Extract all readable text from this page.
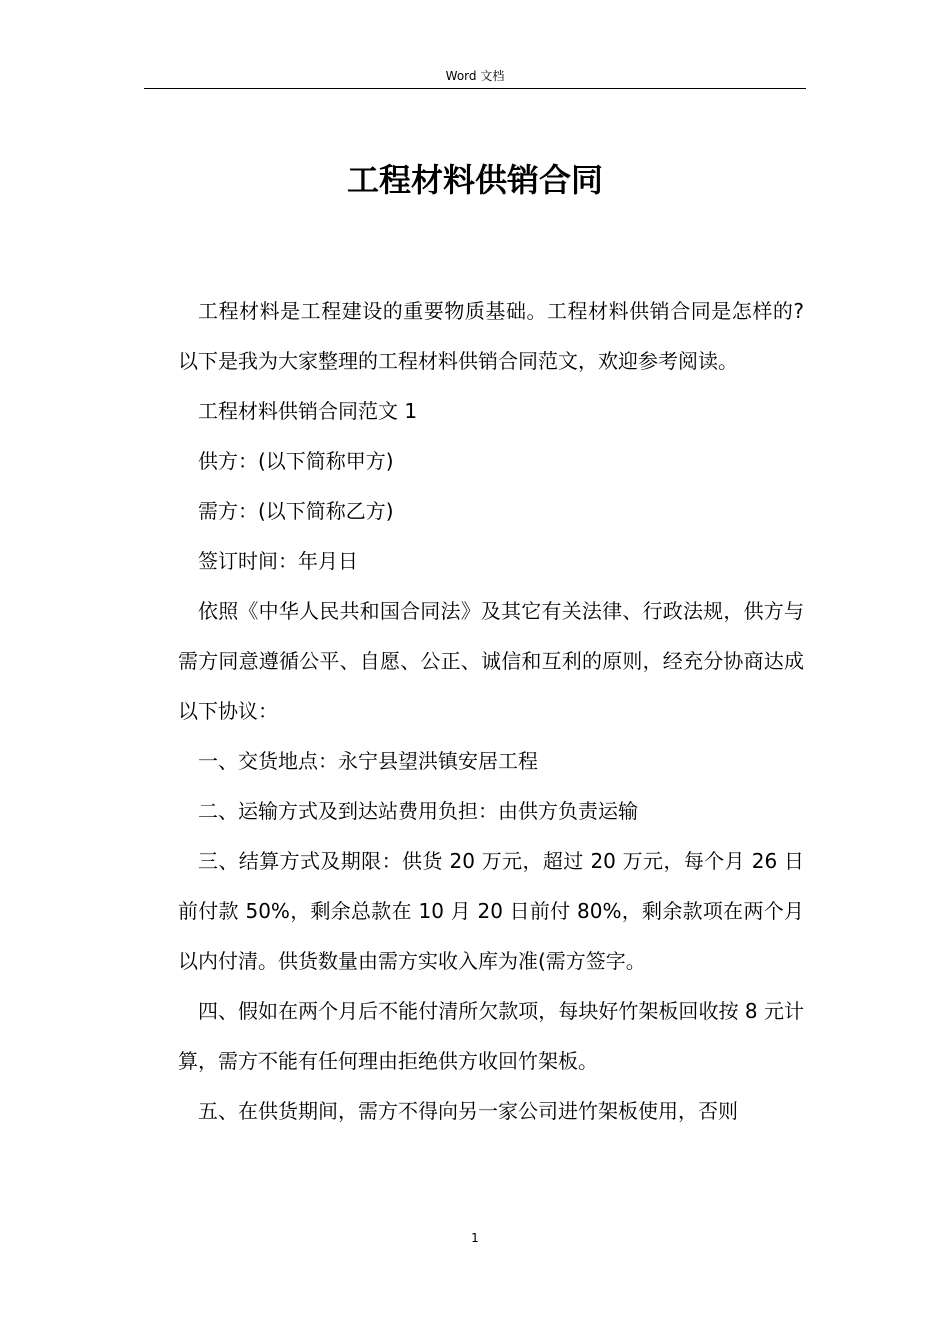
Word 文档
工程材料供销合同

工程材料是工程建设的重要物质基础。工程材料供销合同是怎样的?以下是我为大家整理的工程材料供销合同范文，欢迎参考阅读。

工程材料供销合同范文 1

供方：(以下简称甲方)

需方：(以下简称乙方)

签订时间：年月日

依照《中华人民共和国合同法》及其它有关法律、行政法规，供方与需方同意遵循公平、自愿、公正、诚信和互利的原则，经充分协商达成以下协议：

一、交货地点：永宁县望洪镇安居工程

二、运输方式及到达站费用负担：由供方负责运输

三、结算方式及期限：供货 20 万元，超过 20 万元，每个月 26 日前付款 50%，剩余总款在 10 月 20 日前付 80%，剩余款项在两个月以内付清。供货数量由需方实收入库为准(需方签字。

四、假如在两个月后不能付清所欠款项，每块好竹架板回收按 8 元计算，需方不能有任何理由拒绝供方收回竹架板。

五、在供货期间，需方不得向另一家公司进竹架板使用，否则

1
